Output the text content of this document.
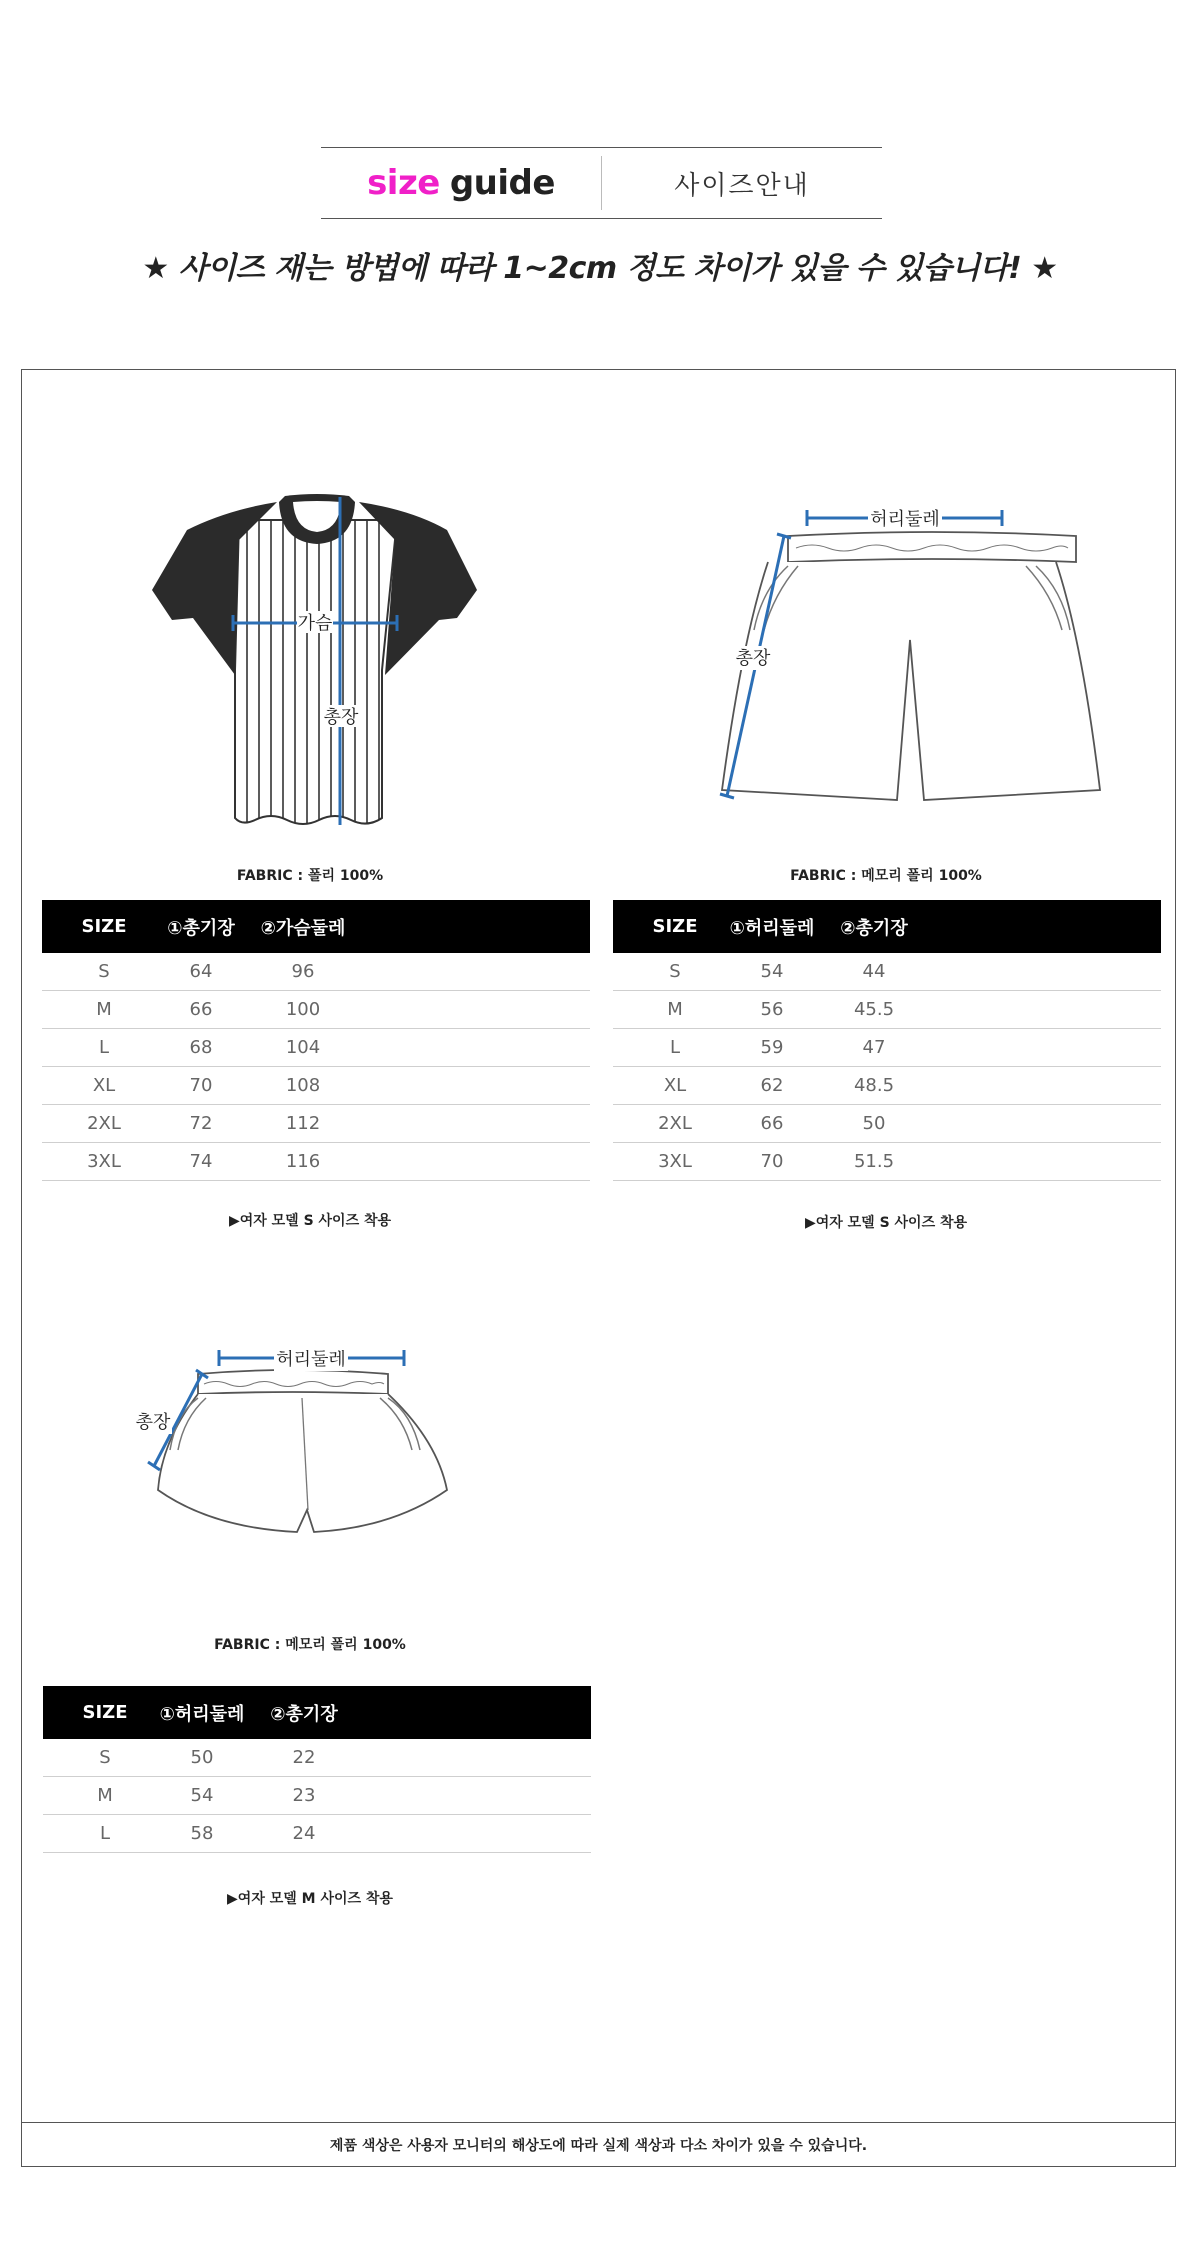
size guide	사이즈안내
★ 사이즈 재는 방법에 따라 1~2cm 정도 차이가 있을 수 있습니다! ★
가슴
총장
FABRIC : 폴리 100%
SIZE	①총기장	②가슴둘레
S	64	96
M	66	100
L	68	104
XL	70	108
2XL	72	112
3XL	74	116
▶여자 모델 S 사이즈 착용
허리둘레
총장
FABRIC : 메모리 폴리 100%
SIZE	①허리둘레	②총기장
S	54	44
M	56	45.5
L	59	47
XL	62	48.5
2XL	66	50
3XL	70	51.5
▶여자 모델 S 사이즈 착용
허리둘레
총장
FABRIC : 메모리 폴리 100%
SIZE	①허리둘레	②총기장
S	50	22
M	54	23
L	58	24
▶여자 모델 M 사이즈 착용
제품 색상은 사용자 모니터의 해상도에 따라 실제 색상과 다소 차이가 있을 수 있습니다.
